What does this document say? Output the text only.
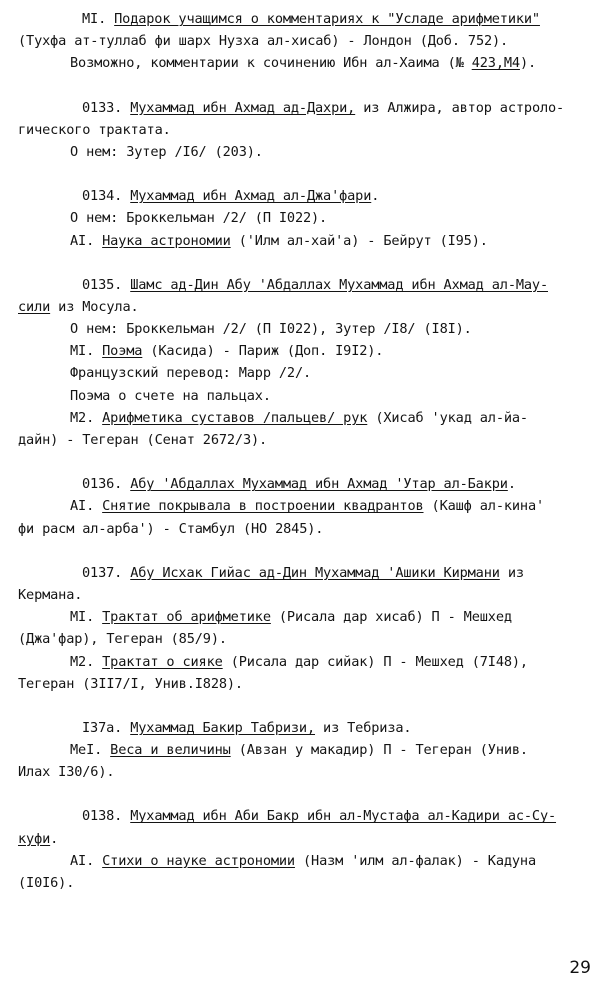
MI. Подарок учащимся о комментариях к "Усладе арифметики"
(Тухфа ат-туллаб фи шарх Нузха ал-хисаб) - Лондон (Доб. 752).
Возможно, комментарии к сочинению Ибн ал-Хаима (№ 423,M4).
0133. Мухаммад ибн Ахмад ад-Дахри, из Алжира, автор астроло-
гического трактата.
О нем: Зутер /I6/ (203).
0134. Мухаммад ибн Ахмад ал-Джа'фари.
О нем: Броккельман /2/ (П I022).
AI. Наука астрономии ('Илм ал-хай'а) - Бейрут (I95).
0135. Шамс ад-Дин Абу 'Абдаллах Мухаммад ибн Ахмад ал-Мау-
сили из Мосула.
О нем: Броккельман /2/ (П I022), Зутер /I8/ (I8I).
MI. Поэма (Касида) - Париж (Доп. I9I2).
Французский перевод: Марр /2/.
Поэма о счете на пальцах.
M2. Арифметика суставов /пальцев/ рук (Хисаб 'укад ал-йа-
дайн) - Тегеран (Сенат 2672/3).
0136. Абу 'Абдаллах Мухаммад ибн Ахмад 'Утар ал-Бакри.
AI. Снятие покрывала в построении квадрантов (Кашф ал-кина'
фи расм ал-арба') - Стамбул (НО 2845).
0137. Абу Исхак Гийас ад-Дин Мухаммад 'Ашики Кирмани из
Кермана.
MI. Трактат об арифметике (Рисала дар хисаб) П - Мешхед
(Джа'фар), Тегеран (85/9).
M2. Трактат о сияке (Рисала дар сийак) П - Мешхед (7I48),
Тегеран (3II7/I, Унив.I828).
I37a. Мухаммад Бакир Табризи, из Тебриза.
MeI. Веса и величины (Авзан у макадир) П - Тегеран (Унив.
Илах I30/6).
0138. Мухаммад ибн Аби Бакр ибн ал-Мустафа ал-Кадири ас-Су-
куфи.
AI. Стихи о науке астрономии (Назм 'илм ал-фалак) - Кадуна
(I0I6).
29
